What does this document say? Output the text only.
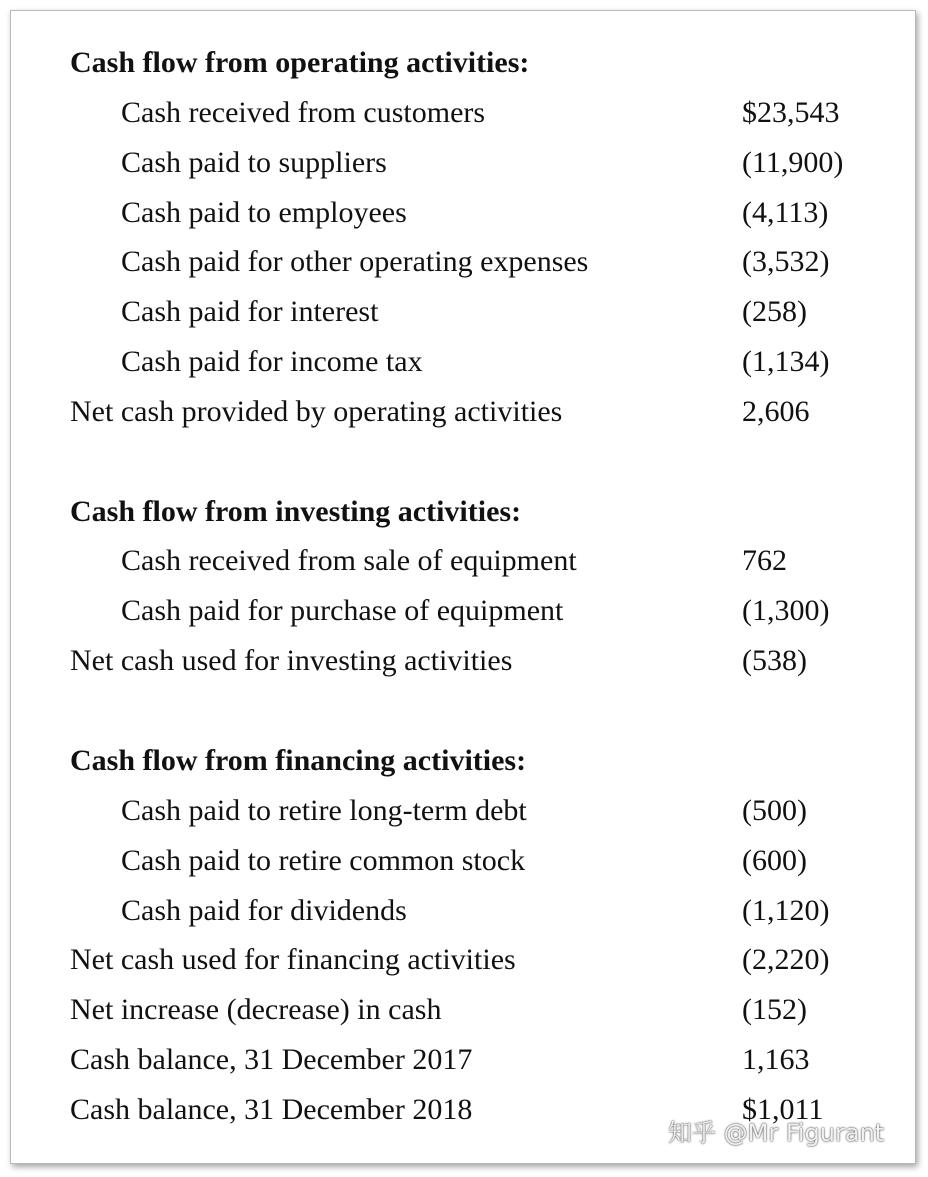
Cash flow from operating activities:
Cash received from customers	$23,543
Cash paid to suppliers	(11,900)
Cash paid to employees	(4,113)
Cash paid for other operating expenses	(3,532)
Cash paid for interest	(258)
Cash paid for income tax	(1,134)
Net cash provided by operating activities	2,606
Cash flow from investing activities:
Cash received from sale of equipment	762
Cash paid for purchase of equipment	(1,300)
Net cash used for investing activities	(538)
Cash flow from financing activities:
Cash paid to retire long-term debt	(500)
Cash paid to retire common stock	(600)
Cash paid for dividends	(1,120)
Net cash used for financing activities	(2,220)
Net increase (decrease) in cash	(152)
Cash balance, 31 December 2017	1,163
Cash balance, 31 December 2018	$1,011
知乎 @Mr Figurant
